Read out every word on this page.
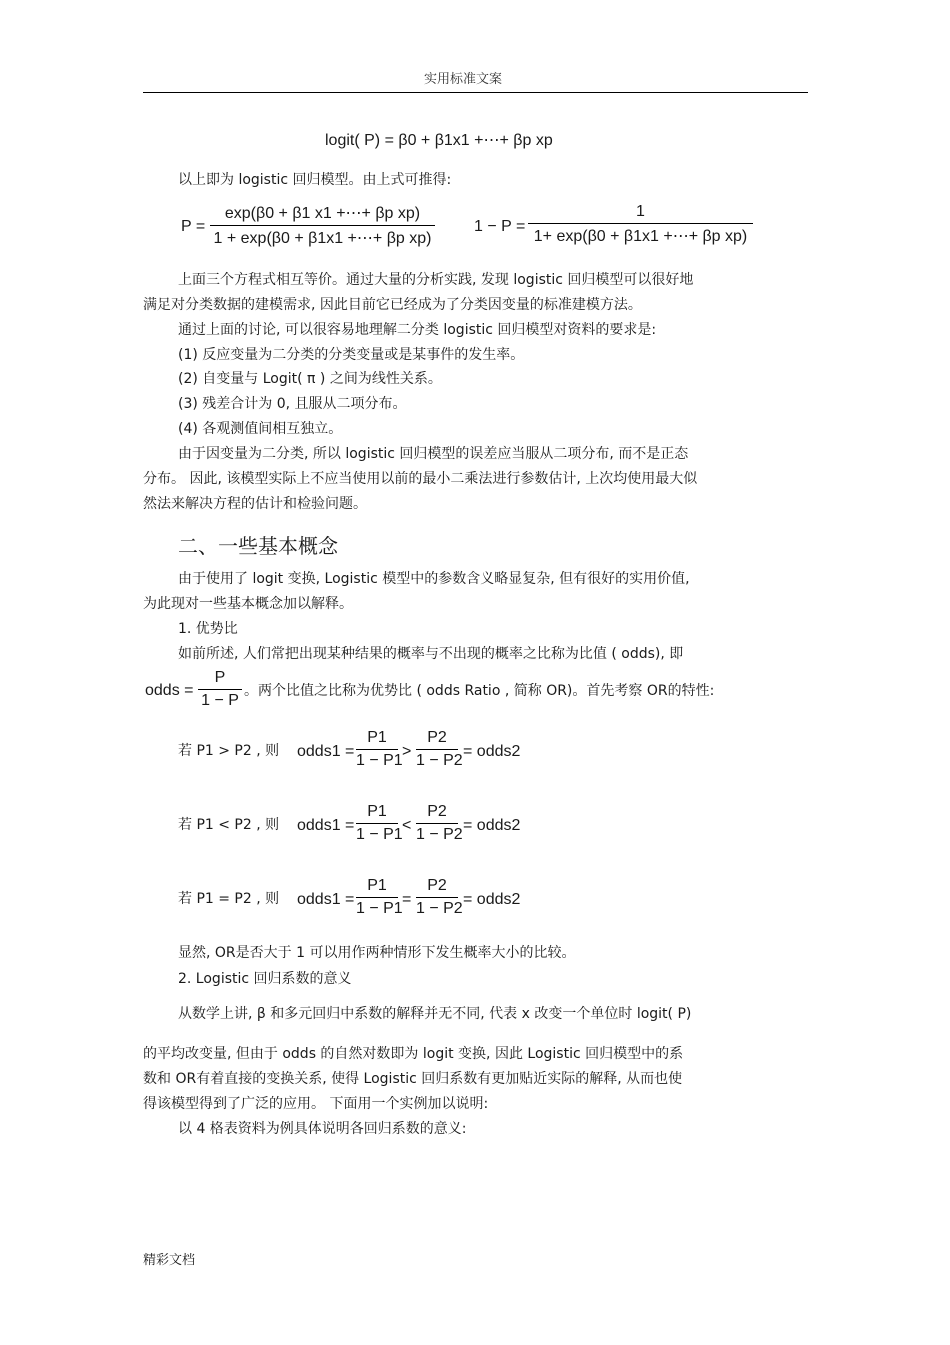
实用标准文案
logit( P) = β0 + β1x1 +⋯+ βp xp
以上即为 logistic 回归模型。由上式可推得:
P =
exp(β0 + β1 x1 +⋯+ βp xp)
1 + exp(β0 + β1x1 +⋯+ βp xp)
1 − P =
1
1+ exp(β0 + β1x1 +⋯+ βp xp)
上面三个方程式相互等价。通过大量的分析实践, 发现 logistic 回归模型可以很好地
满足对分类数据的建模需求, 因此目前它已经成为了分类因变量的标准建模方法。
通过上面的讨论, 可以很容易地理解二分类 logistic 回归模型对资料的要求是:
(1) 反应变量为二分类的分类变量或是某事件的发生率。
(2) 自变量与 Logit( π ) 之间为线性关系。
(3) 残差合计为 0, 且服从二项分布。
(4) 各观测值间相互独立。
由于因变量为二分类, 所以 logistic 回归模型的误差应当服从二项分布, 而不是正态
分布。 因此, 该模型实际上不应当使用以前的最小二乘法进行参数估计, 上次均使用最大似
然法来解决方程的估计和检验问题。
二、一些基本概念
由于使用了 logit 变换, Logistic 模型中的参数含义略显复杂, 但有很好的实用价值,
为此现对一些基本概念加以解释。
1. 优势比
如前所述, 人们常把出现某种结果的概率与不出现的概率之比称为比值 ( odds), 即
odds =
P
1 − P
。两个比值之比称为优势比 ( odds Ratio , 简称 OR)。首先考察 OR的特性:
若 P1 > P2 , 则 odds1 =
P1
1 − P1
>
P2
1 − P2
= odds2
若 P1 < P2 , 则 odds1 =
P1
1 − P1
<
P2
1 − P2
= odds2
若 P1 = P2 , 则 odds1 =
P1
1 − P1
=
P2
1 − P2
= odds2
显然, OR是否大于 1 可以用作两种情形下发生概率大小的比较。
2. Logistic 回归系数的意义
从数学上讲, β 和多元回归中系数的解释并无不同, 代表 x 改变一个单位时 logit( P)
的平均改变量, 但由于 odds 的自然对数即为 logit 变换, 因此 Logistic 回归模型中的系
数和 OR有着直接的变换关系, 使得 Logistic 回归系数有更加贴近实际的解释, 从而也使
得该模型得到了广泛的应用。 下面用一个实例加以说明:
以 4 格表资料为例具体说明各回归系数的意义:
精彩文档
